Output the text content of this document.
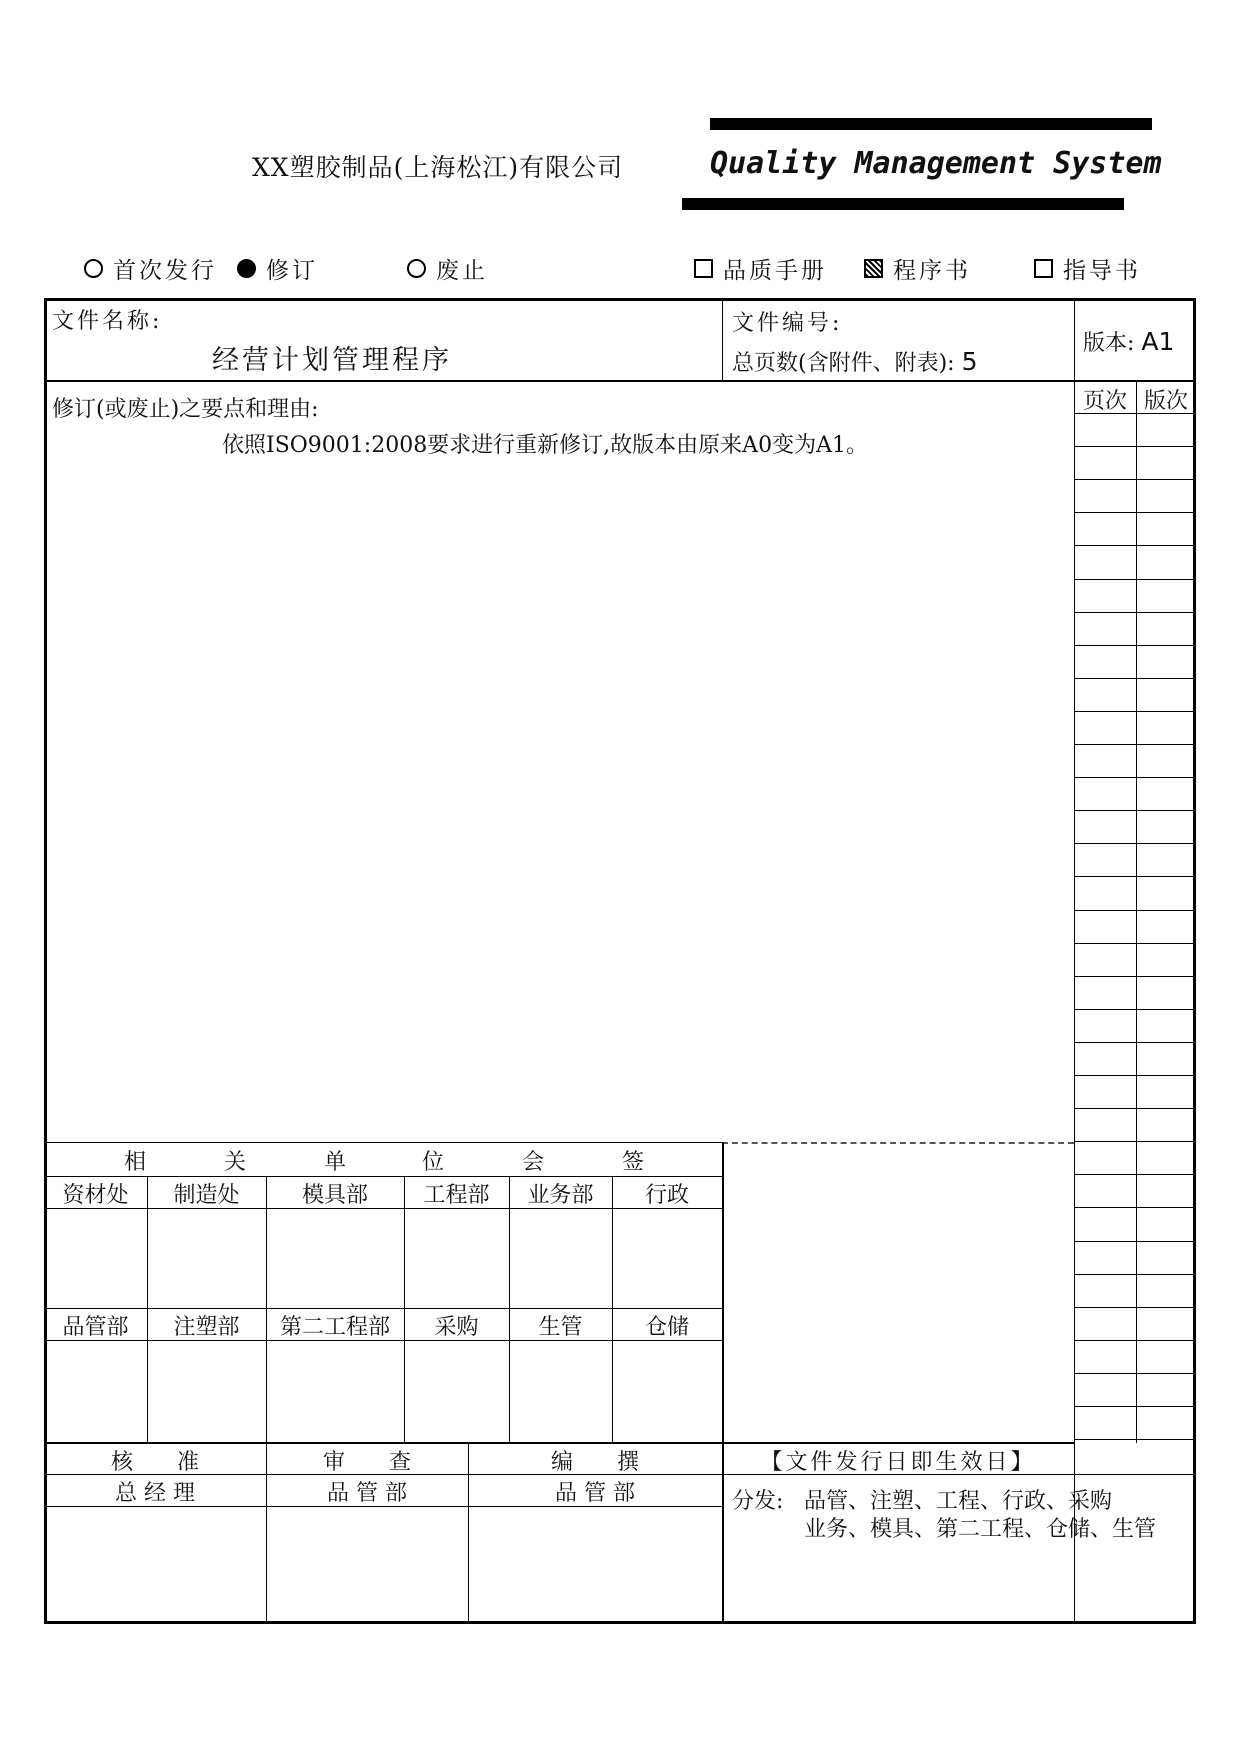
XX塑胶制品(上海松江)有限公司	Quality Management System
首次发行 修订	废止	品质手册	程序书	指导书
文件名称:
经营计划管理程序
文件编号:
总页数(含附件、附表): 5
版本: A1
修订(或废止)之要点和理由:
依照ISO9001:2008要求进行重新修订,故版本由原来A0变为A1。
页次 版次
相	关	单	位	会	签
资材处	制造处	模具部	工程部	业务部	行政
品管部	注塑部	第二工程部	采购	生管	仓储
核　　准	审　　查	编　　撰
总 经 理	品 管 部	品 管 部
【文件发行日即生效日】
分发: 品管、注塑、工程、行政、采购
业务、模具、第二工程、仓储、生管
